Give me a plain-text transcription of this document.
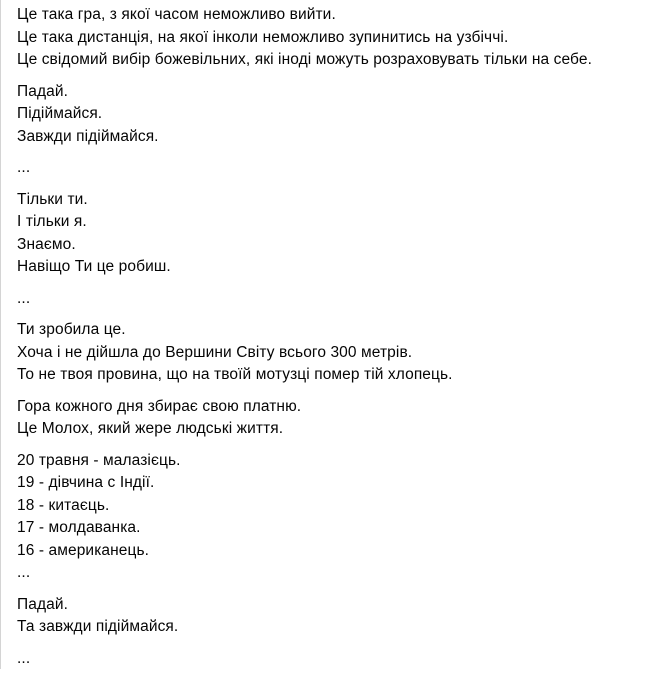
Це така гра, з якої часом неможливо вийти.
Це така дистанція, на якої інколи неможливо зупинитись на узбіччі.
Це свідомий вибір божевільних, які іноді можуть розраховувать тільки на себе.
Падай.
Підіймайся.
Завжди підіймайся.
...
Тільки ти.
І тільки я.
Знаємо.
Навіщо Ти це робиш.
...
Ти зробила це.
Хоча і не дійшла до Вершини Світу всього 300 метрів.
То не твоя провина, що на твоїй мотузці помер тій хлопець.
Гора кожного дня збирає свою платню.
Це Молох, який жере людські життя.
20 травня - малазієць.
19 - дівчина с Індії.
18 - китаєць.
17 - молдаванка.
16 - американець.
...
Падай.
Та завжди підіймайся.
...
